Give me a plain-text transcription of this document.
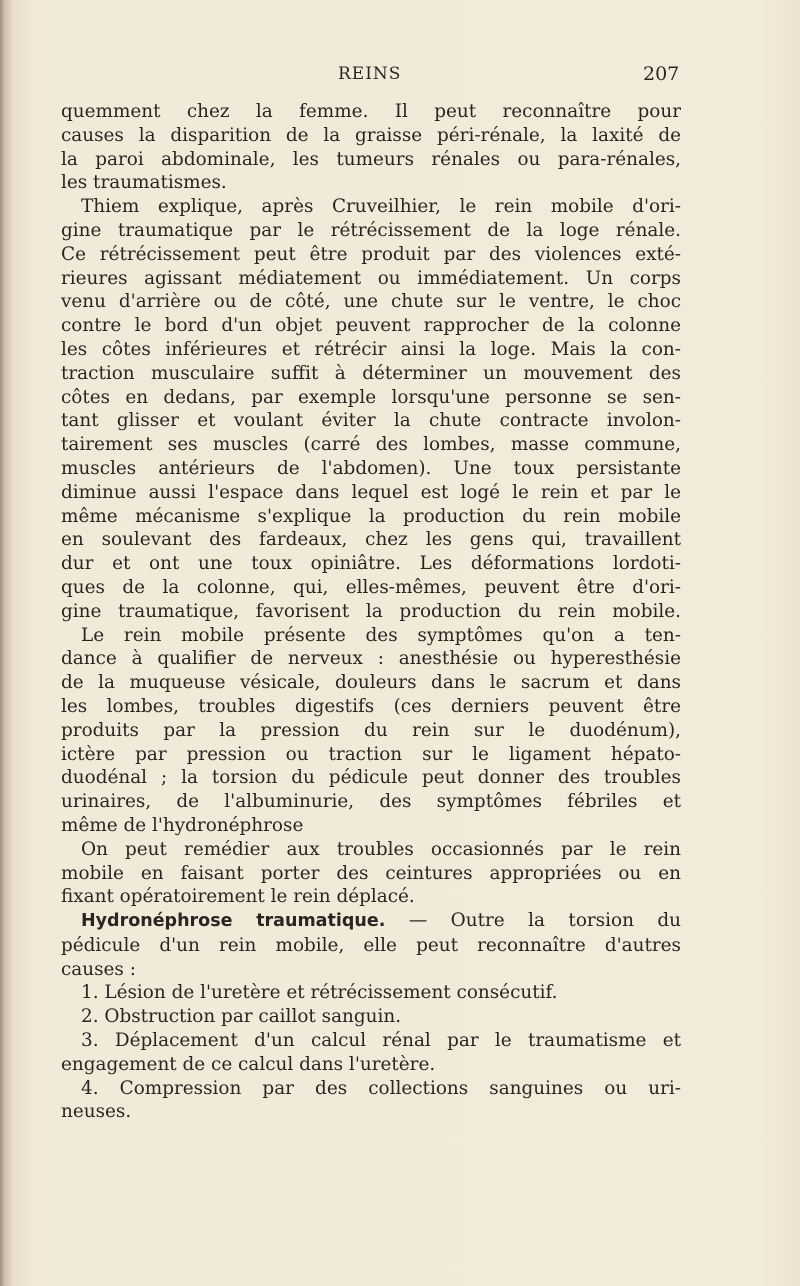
REINS	207

quemment chez la femme. Il peut reconnaître pour

causes la disparition de la graisse péri-rénale, la laxité de

la paroi abdominale, les tumeurs rénales ou para-rénales,

les traumatismes.

Thiem explique, après Cruveilhier, le rein mobile d'ori-

gine traumatique par le rétrécissement de la loge rénale.

Ce rétrécissement peut être produit par des violences exté-

rieures agissant médiatement ou immédiatement. Un corps

venu d'arrière ou de côté, une chute sur le ventre, le choc

contre le bord d'un objet peuvent rapprocher de la colonne

les côtes inférieures et rétrécir ainsi la loge. Mais la con-

traction musculaire suffit à déterminer un mouvement des

côtes en dedans, par exemple lorsqu'une personne se sen-

tant glisser et voulant éviter la chute contracte involon-

tairement ses muscles (carré des lombes, masse commune,

muscles antérieurs de l'abdomen). Une toux persistante

diminue aussi l'espace dans lequel est logé le rein et par le

même mécanisme s'explique la production du rein mobile

en soulevant des fardeaux, chez les gens qui, travaillent

dur et ont une toux opiniâtre. Les déformations lordoti-

ques de la colonne, qui, elles-mêmes, peuvent être d'ori-

gine traumatique, favorisent la production du rein mobile.

Le rein mobile présente des symptômes qu'on a ten-

dance à qualifier de nerveux : anesthésie ou hyperesthésie

de la muqueuse vésicale, douleurs dans le sacrum et dans

les lombes, troubles digestifs (ces derniers peuvent être

produits par la pression du rein sur le duodénum),

ictère par pression ou traction sur le ligament hépato-

duodénal ; la torsion du pédicule peut donner des troubles

urinaires, de l'albuminurie, des symptômes fébriles et

même de l'hydronéphrose

On peut remédier aux troubles occasionnés par le rein

mobile en faisant porter des ceintures appropriées ou en

fixant opératoirement le rein déplacé.

Hydronéphrose traumatique. — Outre la torsion du

pédicule d'un rein mobile, elle peut reconnaître d'autres

causes :

1. Lésion de l'uretère et rétrécissement consécutif.

2. Obstruction par caillot sanguin.

3. Déplacement d'un calcul rénal par le traumatisme et

engagement de ce calcul dans l'uretère.

4. Compression par des collections sanguines ou uri-

neuses.
